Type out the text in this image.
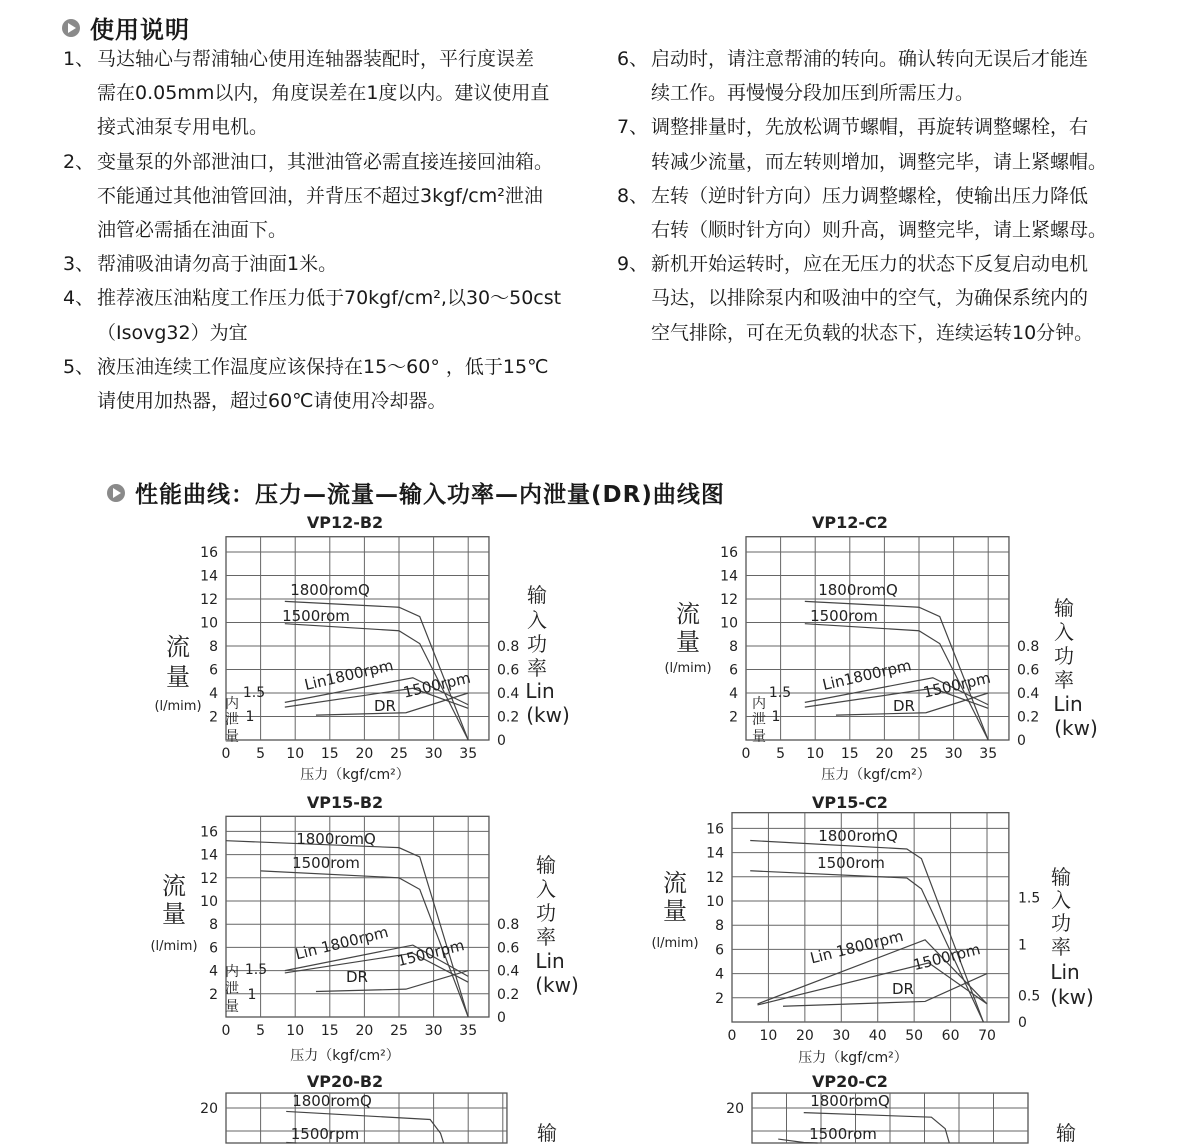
使用说明
1、 马达轴心与帮浦轴心使用连轴器装配时，平行度误差
需在0.05mm以内，角度误差在1度以内。建议使用直
接式油泵专用电机。
2、 变量泵的外部泄油口，其泄油管必需直接连接回油箱。
不能通过其他油管回油，并背压不超过3kgf/cm²泄油
油管必需插在油面下。
3、 帮浦吸油请勿高于油面1米。
4、 推荐液压油粘度工作压力低于70kgf/cm²,以30～50cst
（Isovg32）为宜
5、 液压油连续工作温度应该保持在15～60° ，低于15℃
请使用加热器，超过60℃请使用冷却器。
6、 启动时，请注意帮浦的转向。确认转向无误后才能连
续工作。再慢慢分段加压到所需压力。
7、 调整排量时，先放松调节螺帽，再旋转调整螺栓，右
转减少流量，而左转则增加，调整完毕，请上紧螺帽。
8、 左转（逆时针方向）压力调整螺栓，使输出压力降低
右转（顺时针方向）则升高，调整完毕，请上紧螺母。
9、 新机开始运转时，应在无压力的状态下反复启动电机
马达，以排除泵内和吸油中的空气，为确保系统内的
空气排除，可在无负载的状态下，连续运转10分钟。
性能曲线：压力—流量—输入功率—内泄量(DR)曲线图
VP12-B2
2
4
6
8
10
12
14
16
0 5 10 15 20 25 30 35
0
0.2
0.4
0.6
0.8
1
1.5
流
量
(l/mim)
输
入
功
率
Lin
(kw)
内
泄
量
压力（kgf/cm²）
1800romQ
1500rom
Lin1800rpm 1500rpm
DR
VP12-C2
2
4
6
8
10
12
14
16
0 5 10 15 20 25 30 35
0
0.2
0.4
0.6
0.8
1
1.5
流
量
(l/mim)
输
入
功
率
Lin
(kw)
内
泄
量
压力（kgf/cm²）
1800romQ
1500rom
Lin1800rpm 1500rpm
DR
VP15-B2
2
4
6
8
10
12
14
16
0 5 10 15 20 25 30 35
0
0.2
0.4
0.6
0.8
1
1.5
流
量
(l/mim)
输
入
功
率
Lin
(kw)
内
泄
量
压力（kgf/cm²）
1800romQ
1500rom
Lin 1800rpm 1500rpm
DR
VP15-C2
2
4
6
8
10
12
14
16
0 10 20 30 40 50 60 70
0
0.5
1
1.5
流
量
(l/mim)
输
入
功
率
Lin
(kw)
压力（kgf/cm²）
1800romQ
1500rom
Lin 1800rpm 1500rpm
DR
VP20-B2
20
输
1800romQ
1500rpm
VP20-C2
20
输
1800romQ
1500rom
